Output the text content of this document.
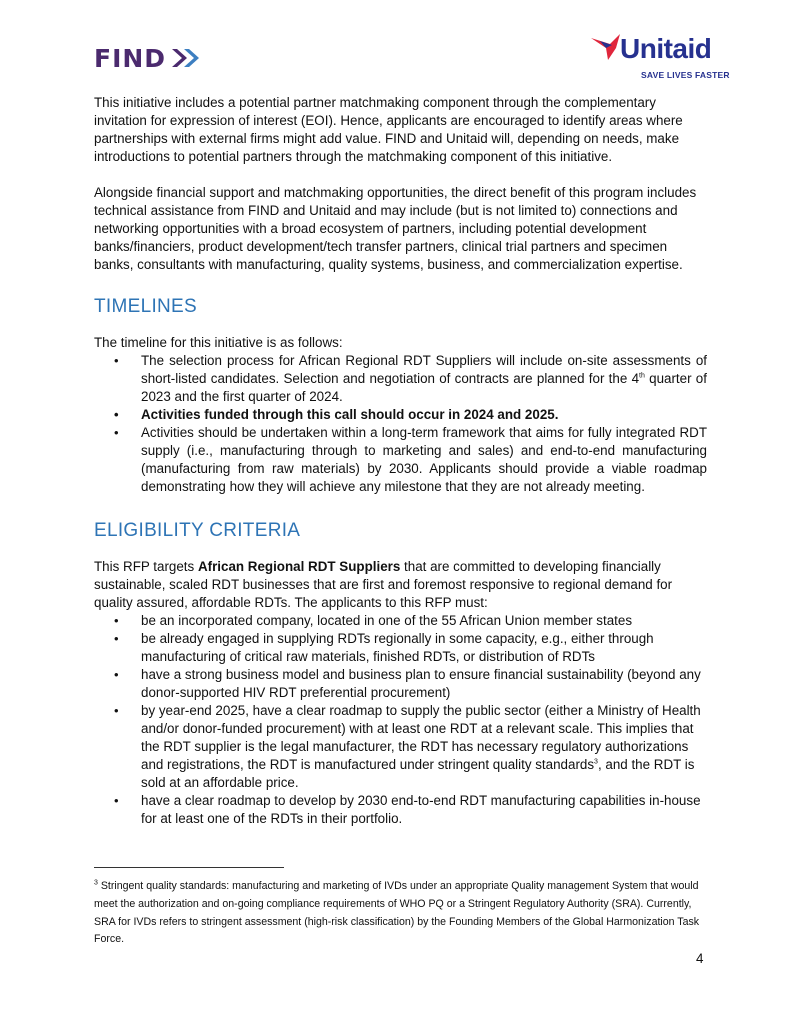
FIND	Unitaid
SAVE LIVES FASTER

This initiative includes a potential partner matchmaking component through the complementary invitation for expression of interest (EOI). Hence, applicants are encouraged to identify areas where partnerships with external firms might add value. FIND and Unitaid will, depending on needs, make introductions to potential partners through the matchmaking component of this initiative.

Alongside financial support and matchmaking opportunities, the direct benefit of this program includes technical assistance from FIND and Unitaid and may include (but is not limited to) connections and networking opportunities with a broad ecosystem of partners, including potential development banks/financiers, product development/tech transfer partners, clinical trial partners and specimen banks, consultants with manufacturing, quality systems, business, and commercialization expertise.

TIMELINES

The timeline for this initiative is as follows:

• The selection process for African Regional RDT Suppliers will include on-site assessments of short-listed candidates. Selection and negotiation of contracts are planned for the 4th quarter of 2023 and the first quarter of 2024.
• Activities funded through this call should occur in 2024 and 2025.
• Activities should be undertaken within a long-term framework that aims for fully integrated RDT supply (i.e., manufacturing through to marketing and sales) and end-to-end manufacturing (manufacturing from raw materials) by 2030. Applicants should provide a viable roadmap demonstrating how they will achieve any milestone that they are not already meeting.
ELIGIBILITY CRITERIA

This RFP targets African Regional RDT Suppliers that are committed to developing financially sustainable, scaled RDT businesses that are first and foremost responsive to regional demand for quality assured, affordable RDTs. The applicants to this RFP must:

• be an incorporated company, located in one of the 55 African Union member states
• be already engaged in supplying RDTs regionally in some capacity, e.g., either through manufacturing of critical raw materials, finished RDTs, or distribution of RDTs
• have a strong business model and business plan to ensure financial sustainability (beyond any donor-supported HIV RDT preferential procurement)
• by year-end 2025, have a clear roadmap to supply the public sector (either a Ministry of Health and/or donor-funded procurement) with at least one RDT at a relevant scale. This implies that the RDT supplier is the legal manufacturer, the RDT has necessary regulatory authorizations and registrations, the RDT is manufactured under stringent quality standards$^3$, and the RDT is sold at an affordable price.
• have a clear roadmap to develop by 2030 end-to-end RDT manufacturing capabilities in-house for at least one of the RDTs in their portfolio.
$^3$ Stringent quality standards: manufacturing and marketing of IVDs under an appropriate Quality management System that would meet the authorization and on-going compliance requirements of WHO PQ or a Stringent Regulatory Authority (SRA). Currently, SRA for IVDs refers to stringent assessment (high-risk classification) by the Founding Members of the Global Harmonization Task Force.
4
